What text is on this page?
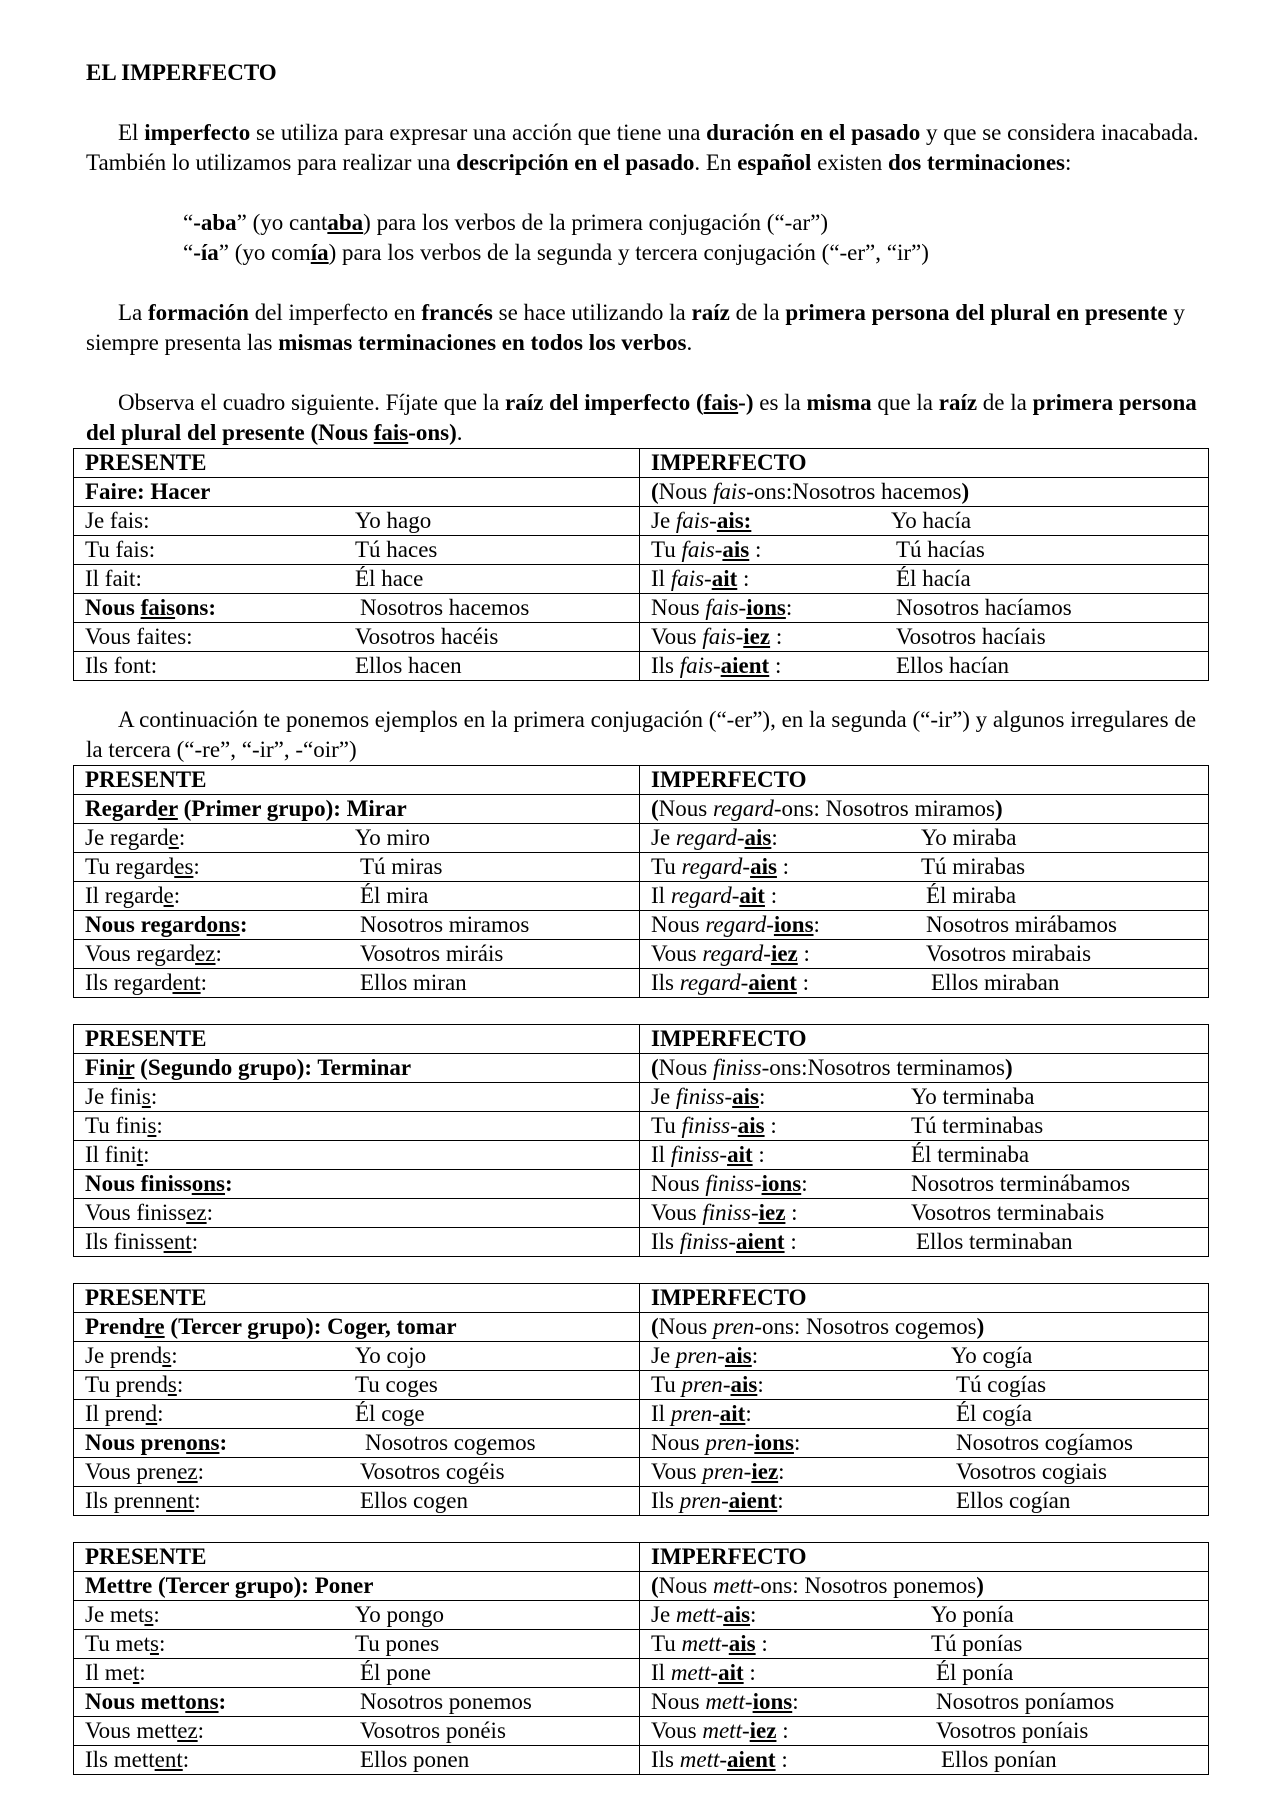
EL IMPERFECTO

El imperfecto se utiliza para expresar una acción que tiene una duración en el pasado y que se considera inacabada. También lo utilizamos para realizar una descripción en el pasado. En español existen dos terminaciones:

“-aba” (yo cantaba) para los verbos de la primera conjugación (“-ar”)
“-ía” (yo comía) para los verbos de la segunda y tercera conjugación (“-er”, “ir”)

La formación del imperfecto en francés se hace utilizando la raíz de la primera persona del plural en presente y siempre presenta las mismas terminaciones en todos los verbos.

Observa el cuadro siguiente. Fíjate que la raíz del imperfecto (fais-) es la misma que la raíz de la primera persona del plural del presente (Nous fais-ons).

A continuación te ponemos ejemplos en la primera conjugación (“-er”), en la segunda (“-ir”) y algunos irregulares de la tercera (“-re”, “-ir”, -“oir”)

PRESENTE	IMPERFECTO
Faire: Hacer	(Nous fais-ons:Nosotros hacemos)

Je fais: Yo hago	Je fais-ais: Yo hacía

Tu fais: Tú haces	Tu fais-ais : Tú hacías

Il fait: Él hace	Il fais-ait : Él hacía

Nous faisons: Nosotros hacemos	Nous fais-ions: Nosotros hacíamos

Vous faites: Vosotros hacéis	Vous fais-iez : Vosotros hacíais

Ils font: Ellos hacen	Ils fais-aient : Ellos hacían
PRESENTE	IMPERFECTO
Regarder (Primer grupo): Mirar	(Nous regard-ons: Nosotros miramos)

Je regarde: Yo miro	Je regard-ais: Yo miraba

Tu regardes: Tú miras	Tu regard-ais : Tú mirabas

Il regarde: Él mira	Il regard-ait : Él miraba

Nous regardons: Nosotros miramos	Nous regard-ions: Nosotros mirábamos

Vous regardez: Vosotros miráis	Vous regard-iez : Vosotros mirabais

Ils regardent: Ellos miran	Ils regard-aient : Ellos miraban
PRESENTE	IMPERFECTO
Finir (Segundo grupo): Terminar	(Nous finiss-ons:Nosotros terminamos)

Je finis:	Je finiss-ais: Yo terminaba

Tu finis:	Tu finiss-ais : Tú terminabas

Il finit:	Il finiss-ait : Él terminaba

Nous finissons:	Nous finiss-ions: Nosotros terminábamos

Vous finissez:	Vous finiss-iez : Vosotros terminabais

Ils finissent:	Ils finiss-aient : Ellos terminaban
PRESENTE	IMPERFECTO
Prendre (Tercer grupo): Coger, tomar	(Nous pren-ons: Nosotros cogemos)

Je prends: Yo cojo	Je pren-ais: Yo cogía

Tu prends: Tu coges	Tu pren-ais: Tú cogías

Il prend: Él coge	Il pren-ait: Él cogía

Nous prenons: Nosotros cogemos	Nous pren-ions: Nosotros cogíamos

Vous prenez: Vosotros cogéis	Vous pren-iez: Vosotros cogiais

Ils prennent: Ellos cogen	Ils pren-aient: Ellos cogían
PRESENTE	IMPERFECTO
Mettre (Tercer grupo): Poner	(Nous mett-ons: Nosotros ponemos)

Je mets: Yo pongo	Je mett-ais: Yo ponía

Tu mets: Tu pones	Tu mett-ais : Tú ponías

Il met: Él pone	Il mett-ait : Él ponía

Nous mettons: Nosotros ponemos	Nous mett-ions: Nosotros poníamos

Vous mettez: Vosotros ponéis	Vous mett-iez : Vosotros poníais

Ils mettent: Ellos ponen	Ils mett-aient : Ellos ponían
